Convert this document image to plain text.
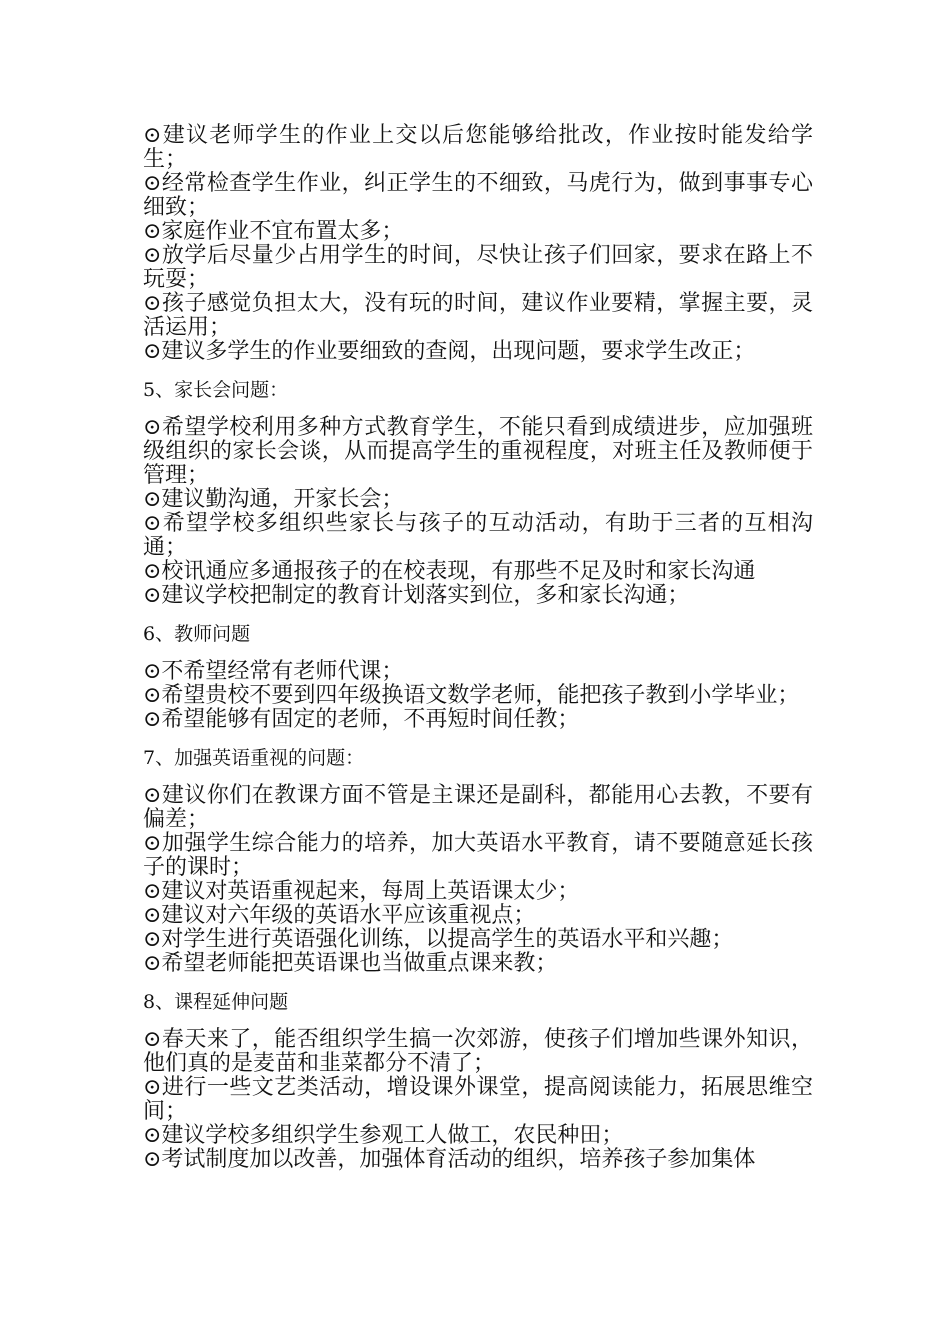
⊙建议老师学生的作业上交以后您能够给批改，作业按时能发给学生；

⊙经常检查学生作业，纠正学生的不细致，马虎行为，做到事事专心细致；

⊙家庭作业不宜布置太多；

⊙放学后尽量少占用学生的时间，尽快让孩子们回家，要求在路上不玩耍；

⊙孩子感觉负担太大，没有玩的时间，建议作业要精，掌握主要，灵活运用；

⊙建议多学生的作业要细致的查阅，出现问题，要求学生改正；

5、家长会问题：

⊙希望学校利用多种方式教育学生，不能只看到成绩进步，应加强班级组织的家长会谈，从而提高学生的重视程度，对班主任及教师便于管理；

⊙建议勤沟通，开家长会；

⊙希望学校多组织些家长与孩子的互动活动，有助于三者的互相沟通；

⊙校讯通应多通报孩子的在校表现，有那些不足及时和家长沟通

⊙建议学校把制定的教育计划落实到位，多和家长沟通；

6、教师问题

⊙不希望经常有老师代课；

⊙希望贵校不要到四年级换语文数学老师，能把孩子教到小学毕业；

⊙希望能够有固定的老师，不再短时间任教；

7、加强英语重视的问题：

⊙建议你们在教课方面不管是主课还是副科，都能用心去教，不要有偏差；

⊙加强学生综合能力的培养，加大英语水平教育，请不要随意延长孩子的课时；

⊙建议对英语重视起来，每周上英语课太少；

⊙建议对六年级的英语水平应该重视点；

⊙对学生进行英语强化训练，以提高学生的英语水平和兴趣；

⊙希望老师能把英语课也当做重点课来教；

8、课程延伸问题

⊙春天来了，能否组织学生搞一次郊游，使孩子们增加些课外知识，他们真的是麦苗和韭菜都分不清了；

⊙进行一些文艺类活动，增设课外课堂，提高阅读能力，拓展思维空间；

⊙建议学校多组织学生参观工人做工，农民种田；

⊙考试制度加以改善，加强体育活动的组织，培养孩子参加集体
